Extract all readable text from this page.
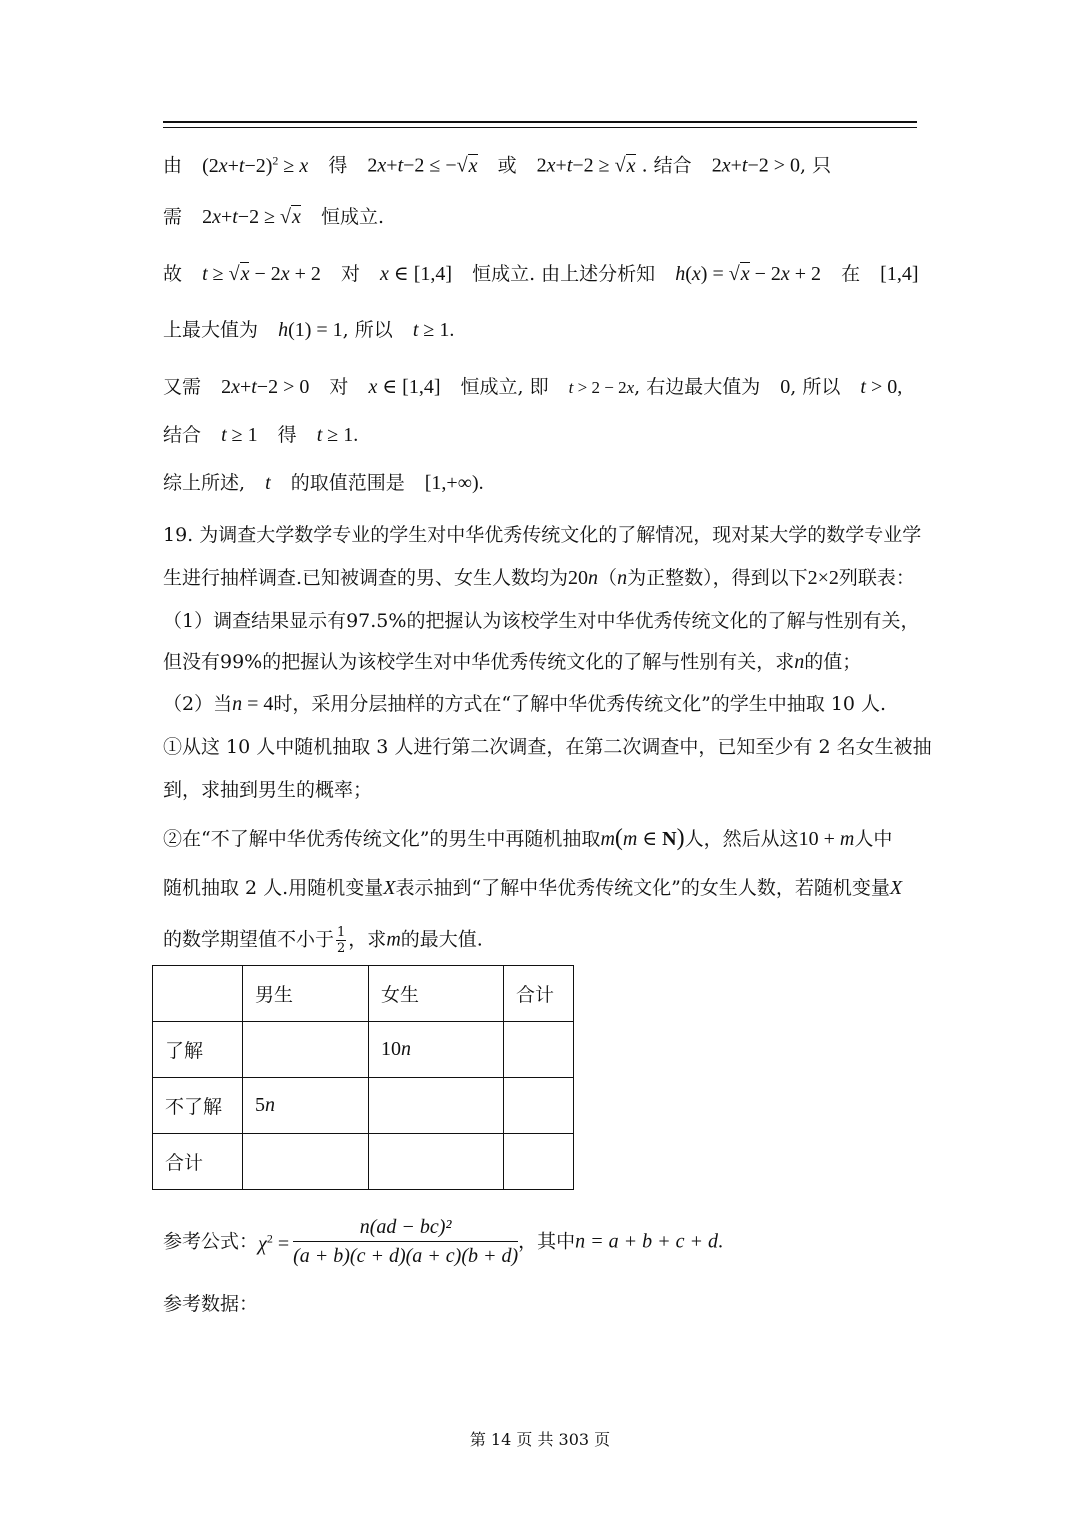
由 $(2x+t-2)^2 \ge x$ 得 2x+t−2 ≤ −√x 或 2x+t−2 ≥ √x . 结合 2x+t−2 > 0, 只
需 2x+t−2 ≥ √x 恒成立.
故 t ≥ √x − 2x + 2 对 x ∈ [1,4] 恒成立. 由上述分析知 h(x) = √x − 2x + 2 在 [1,4]
上最大值为 h(1) = 1, 所以 t ≥ 1.
又需 2x+t−2 > 0 对 x ∈ [1,4] 恒成立, 即 t > 2 − 2x, 右边最大值为 0, 所以 t > 0,
结合 t ≥ 1 得 t ≥ 1.
综上所述, t 的取值范围是 [1,+∞).
19. 为调查大学数学专业的学生对中华优秀传统文化的了解情况，现对某大学的数学专业学
生进行抽样调查.已知被调查的男、女生人数均为20n（n为正整数），得到以下2×2列联表：
（1）调查结果显示有97.5%的把握认为该校学生对中华优秀传统文化的了解与性别有关，
但没有99%的把握认为该校学生对中华优秀传统文化的了解与性别有关，求n的值；
（2）当n = 4时，采用分层抽样的方式在“了解中华优秀传统文化”的学生中抽取 10 人.
①从这 10 人中随机抽取 3 人进行第二次调查，在第二次调查中，已知至少有 2 名女生被抽
到，求抽到男生的概率；
②在“不了解中华优秀传统文化”的男生中再随机抽取m(m ∈ N)人，然后从这10 + m人中
随机抽取 2 人.用随机变量X表示抽到“了解中华优秀传统文化”的女生人数，若随机变量X
的数学期望值不小于 $\frac{1}{2}$ ，求m的最大值.
	男生	女生	合计
了解		10n	
不了解	5n		
合计			
参考公式：$\chi^2 = \frac{\text{n(ad − bc)²}}{(a + b)(c + d)(a + c)(b + d)}$ ，其中n = a + b + c + d.
参考数据：
第 14 页 共 303 页
